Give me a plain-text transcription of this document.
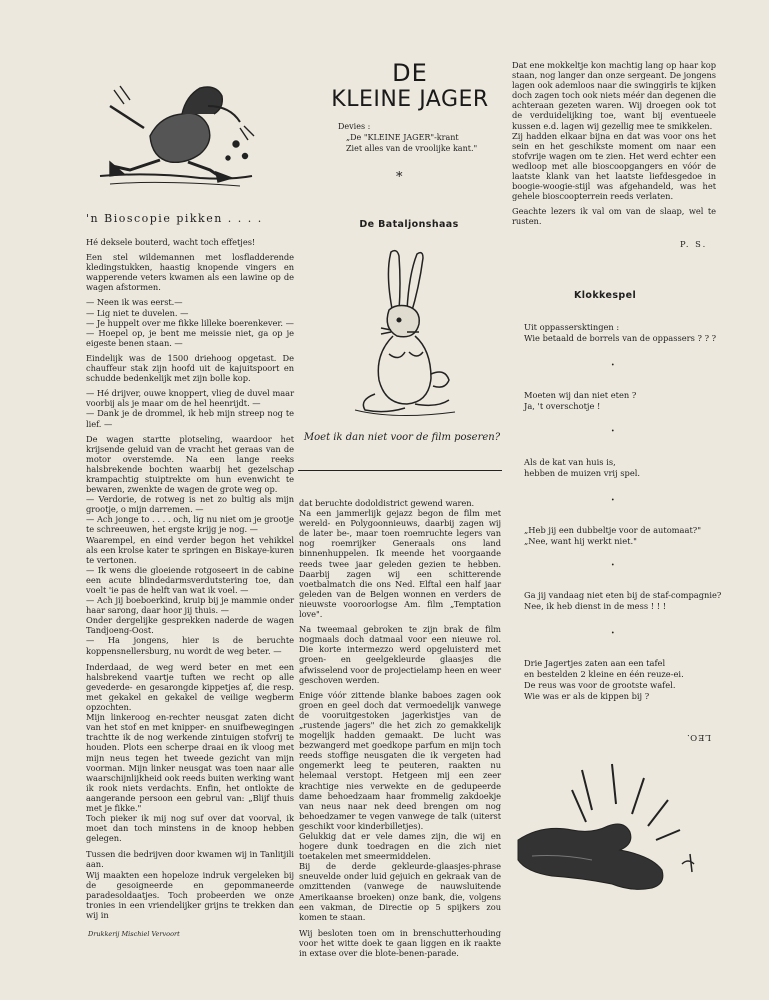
DE
KLEINE JAGER
Devies :
„De "KLEINE JAGER"-krant
Ziet alles van de vroolijke kant."
*
'n Bioscopie pikken . . . .

Hé deksele bouterd, wacht toch effetjes!

Een stel wildemannen met losfladderende kledingstukken, haastig knopende vingers en wapperende veters kwamen als een lawine op de wagen afstormen.

— Neen ik was eerst.—

— Lig niet te duvelen. —

— Je huppelt over me fikke lilleke boerenkever. —

— Hoepel op, je bent me meissie niet, ga op je eigeste benen staan. —

Eindelijk was de 1500 driehoog opgetast. De chauffeur stak zijn hoofd uit de kajuitspoort en schudde bedenkelijk met zijn bolle kop.

— Hé drijver, ouwe knoppert, vlieg de duvel maar voorbij als je maar om de hel heenrijdt. —

— Dank je de drommel, ik heb mijn streep nog te lief. —

De wagen startte plotseling, waardoor het krijsende geluid van de vracht het geraas van de motor overstemde. Na een lange reeks halsbrekende bochten waarbij het gezelschap krampachtig stuiptrekte om hun evenwicht te bewaren, zwenkte de wagen de grote weg op.

— Verdorie, de rotweg is net zo bultig als mijn grootje, o mijn darremen. —

— Ach jonge to . . . . och, lig nu niet om je grootje te schreeuwen, het ergste krijg je nog. —

Waarempel, en eind verder begon het vehikkel als een krolse kater te springen en Biskaye-kuren te vertonen.

— Ik wens die gloeiende rotgoseert in de cabine een acute blindedarmsverdutstering toe, dan voelt 'ie pas de helft van wat ik voel. —

— Ach jij boeboerkind, kruip bij je mammie onder haar sarong, daar hoor jij thuis. —

Onder dergelijke gesprekken naderde de wagen Tandjoeng-Oost.

— Ha jongens, hier is de beruchte koppensnellersburg, nu wordt de weg beter. —

Inderdaad, de weg werd beter en met een halsbrekend vaartje tuften we recht op alle gevederde- en gesarongde kippetjes af, die resp. met gekakel en gekakel de veilige wegberm opzochten.

Mijn linkeroog en-rechter neusgat zaten dicht van het stof en met knipper- en snuifbewegingen trachtte ik de nog werkende zintuigen stofvrij te houden. Plots een scherpe draai en ik vloog met mijn neus tegen het tweede gezicht van mijn voorman. Mijn linker neusgat was toen naar alle waarschijnlijkheid ook reeds buiten werking want ik rook niets verdachts. Enfin, het ontlokte de aangerande persoon een gebrul van: „Blijf thuis met je fikke."

Toch pieker ik mij nog suf over dat voorval, ik moet dan toch minstens in de knoop hebben gelegen.

Tussen die bedrijven door kwamen wij in Tanlitjili aan.

Wij maakten een hopeloze indruk vergeleken bij de gesoigneerde en gepommaneerde paradesoldaatjes. Toch probeerden we onze tronies in een vriendelijker grijns te trekken dan wij in

De Bataljonshaas
Moet ik dan niet voor de film poseren?

dat beruchte dodoldistrict gewend waren.

Na een jammerlijk gejazz begon de film met wereld- en Polygoonnieuws, daarbij zagen wij de later be-, maar toen roemruchte legers van nog roemrijker Generaals ons land binnenhuppelen. Ik meende het voorgaande reeds twee jaar geleden gezien te hebben. Daarbij zagen wij een schitterende voetbalmatch die ons Ned. Elftal een half jaar geleden van de Belgen wonnen en verders de nieuwste vooroorlogse Am. film „Temptation love".

Na tweemaal gebroken te zijn brak de film nogmaals doch datmaal voor een nieuwe rol. Die korte intermezzo werd opgeluisterd met groen- en geelgekleurde glaasjes die afwisselend voor de projectielamp heen en weer geschoven werden.

Enige vóór zittende blanke baboes zagen ook groen en geel doch dat vermoedelijk vanwege de vooruitgestoken jagerkistjes van de „rustende jagers" die het zich zo gemakkelijk mogelijk hadden gemaakt. De lucht was bezwangerd met goedkope parfum en mijn toch reeds stoffige neusgaten die ik vergeten had ongemerkt leeg te peuteren, raakten nu helemaal verstopt. Hetgeen mij een zeer krachtige nies verwekte en de gedupeerde dame behoedzaam haar frommelig zakdoekje van neus naar nek deed brengen om nog behoedzamer te vegen vanwege de talk (uiterst geschikt voor kinderbilletjes).

Gelukkig dat er vele dames zijn, die wij en hogere dunk toedragen en die zich niet toetakelen met smeermiddelen.

Bij de derde gekleurde-glaasjes-phrase sneuvelde onder luid gejuich en gekraak van de omzittenden (vanwege de nauwsluitende Amerikaanse broeken) onze bank, die, volgens een vakman, de Directie op 5 spijkers zou komen te staan.

Wij besloten toen om in brenschutterhouding voor het witte doek te gaan liggen en ik raakte in extase over die blote-benen-parade.

Dat ene mokkeltje kon machtig lang op haar kop staan, nog langer dan onze sergeant. De jongens lagen ook ademloos naar die swinggirls te kijken doch zagen toch ook niets méér dan degenen die achteraan gezeten waren. Wij droegen ook tot de verduidelijking toe, want bij eventueele kussen e.d. lagen wij gezellig mee te smikkelen.

Zij hadden elkaar bijna en dat was voor ons het sein en het geschikste moment om naar een stofvrije wagen om te zien. Het werd echter een wedloop met alle bioscoopgangers en vóór de laatste klank van het laatste liefdesgedoe in boogie-woogie-stijl was afgehandeld, was het gehele bioscoopterrein reeds verlaten.

Geachte lezers ik val om van de slaap, wel te rusten.

P. S.
Klokkespel
Uit oppassersktingen :
Wie betaald de borrels van de oppassers ? ? ?
•
Moeten wij dan niet eten ?
Ja, 't overschotje !
•
Als de kat van huis is,
hebben de muizen vrij spel.
•
„Heb jij een dubbeltje voor de automaat?"
„Nee, want hij werkt niet."
•
Ga jij vandaag niet eten bij de staf-compagnie?
Nee, ik heb dienst in de mess ! ! !
•
Drie Jagertjes zaten aan een tafel
en bestelden 2 kleine en één reuze-ei.
De reus was voor de grootste wafel.
Wie was er als de kippen bij ?
LEO.
Drukkerij Mischiel Vervoort
